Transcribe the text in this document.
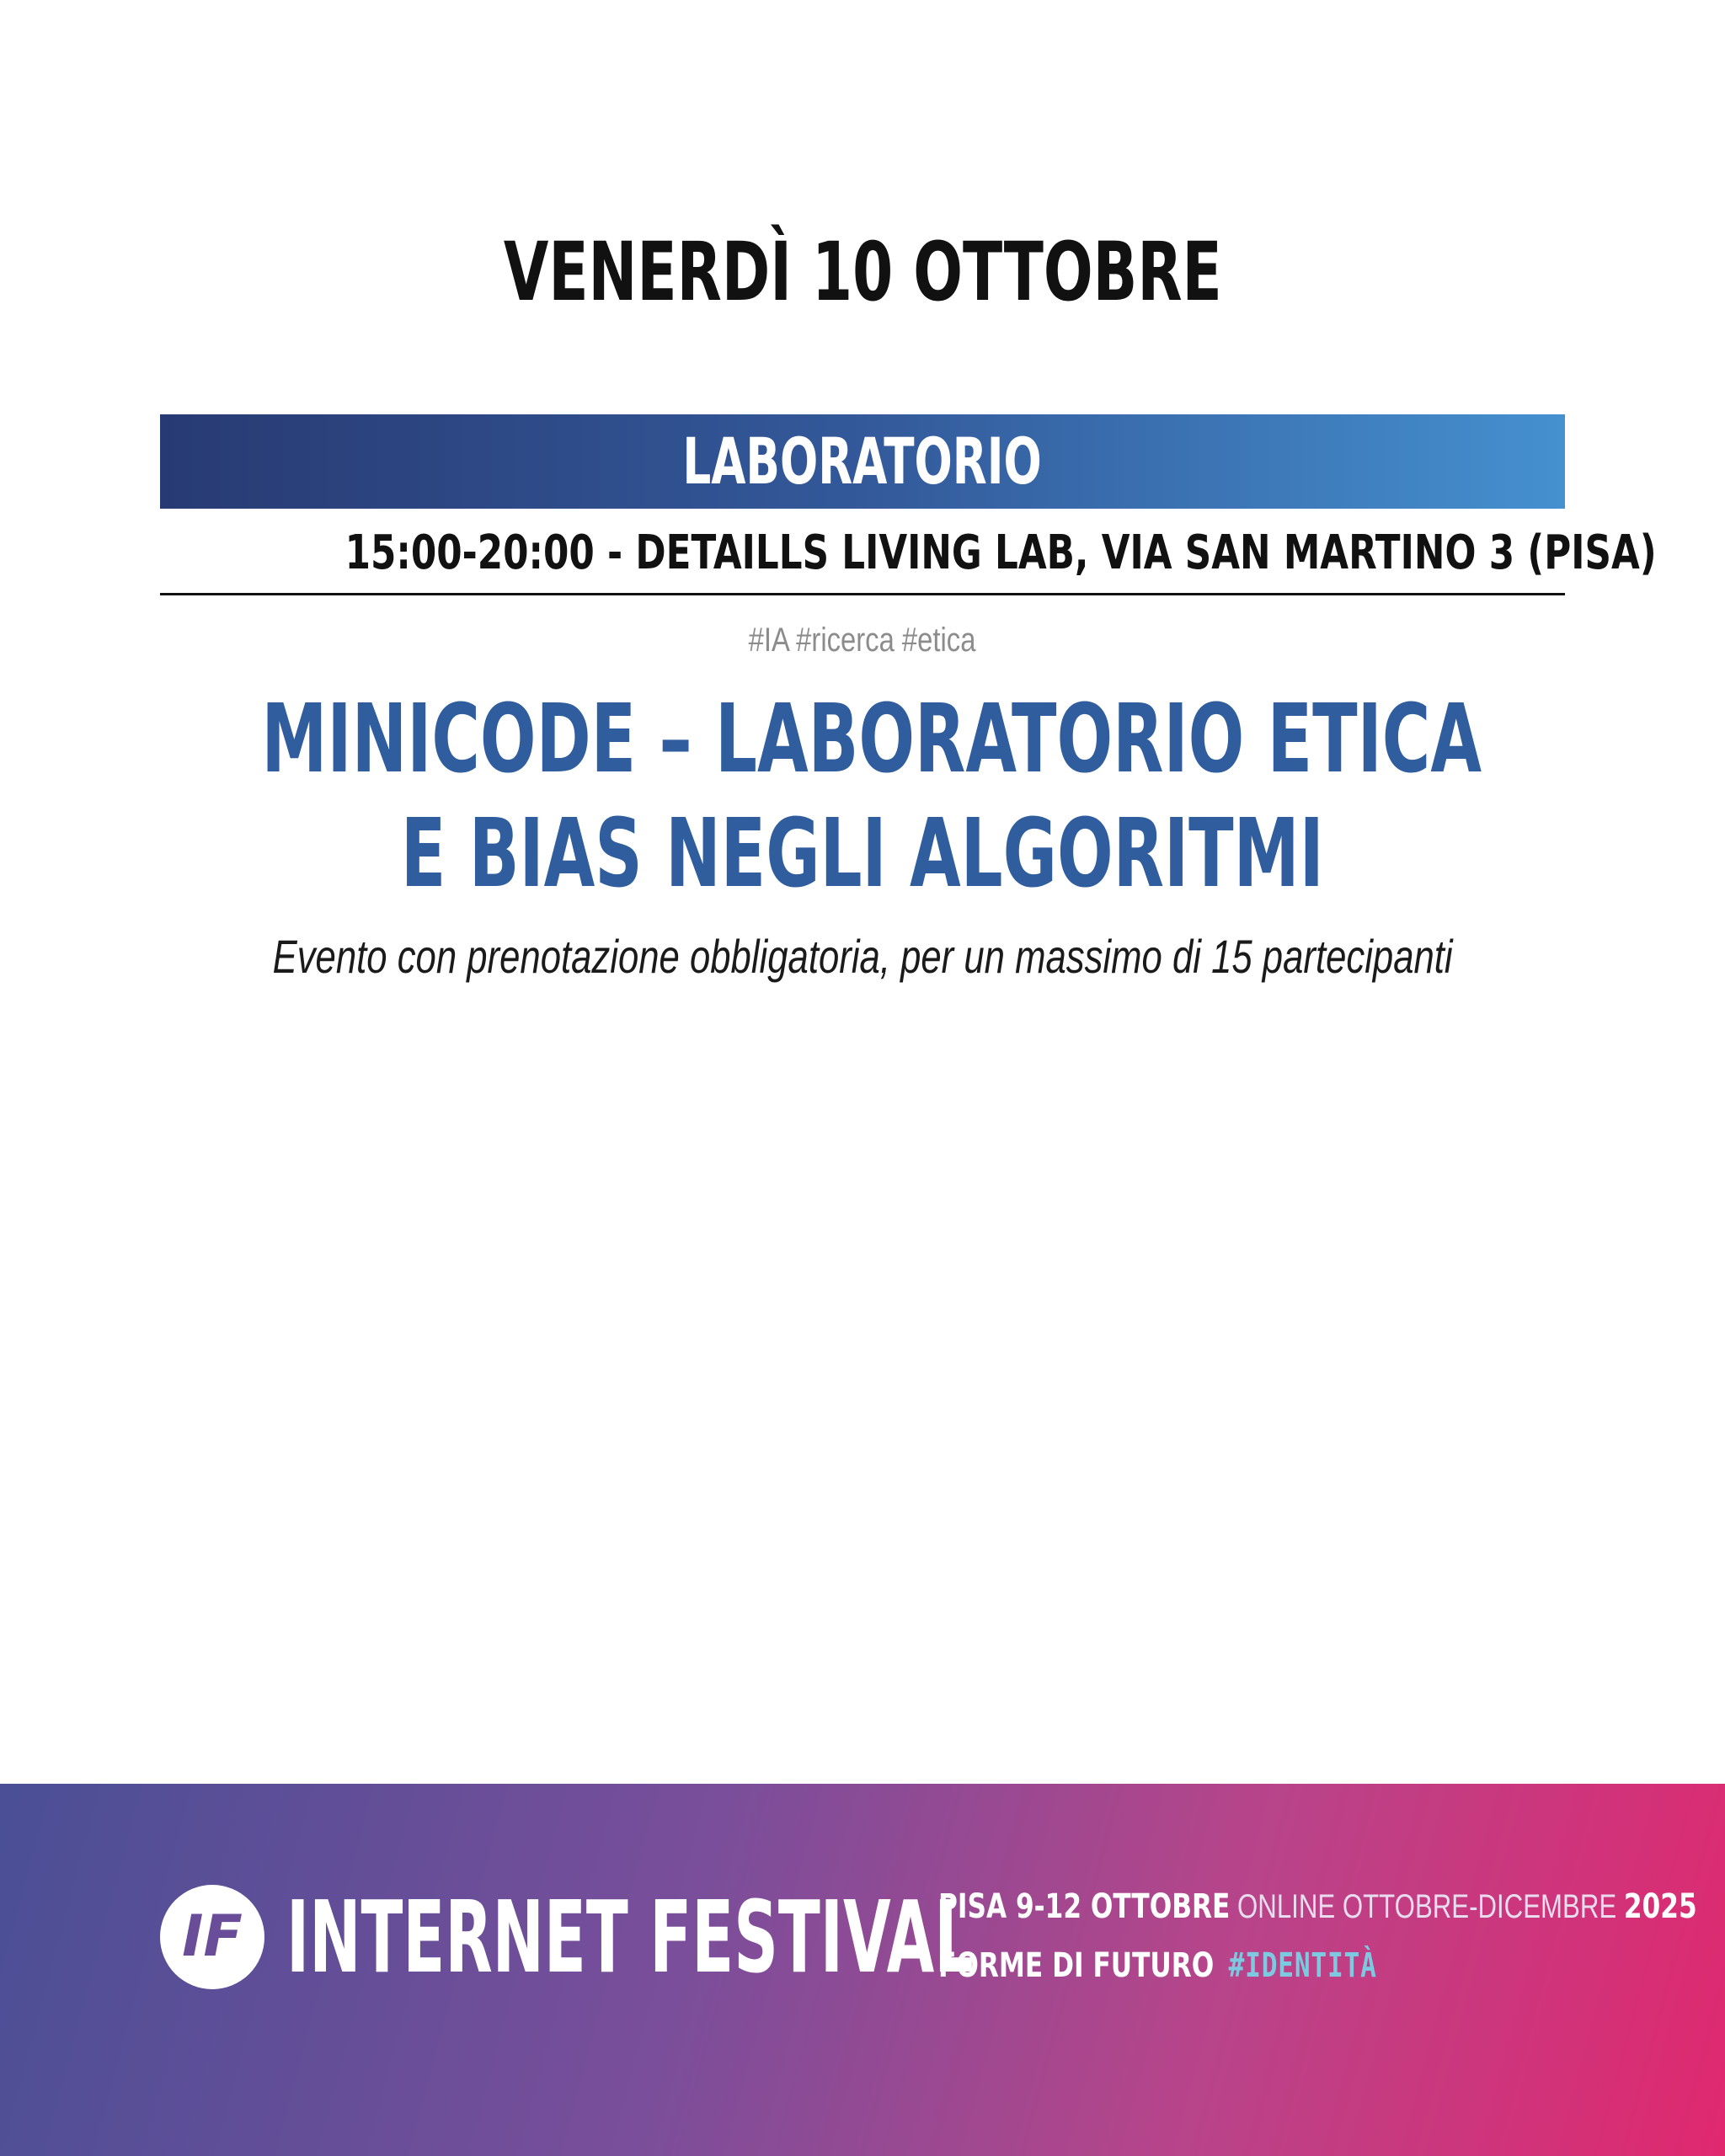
VENERDÌ 10 OTTOBRE
LABORATORIO
15:00-20:00 - DETAILLS LIVING LAB, VIA SAN MARTINO 3 (PISA)
#IA #ricerca #etica
MINICODE – LABORATORIO ETICA
E BIAS NEGLI ALGORITMI
Evento con prenotazione obbligatoria, per un massimo di 15 partecipanti
IF INTERNET FESTIVAL
PISA 9-12 OTTOBRE ONLINE OTTOBRE-DICEMBRE 2025
FORME DI FUTURO #IDENTITÀ
